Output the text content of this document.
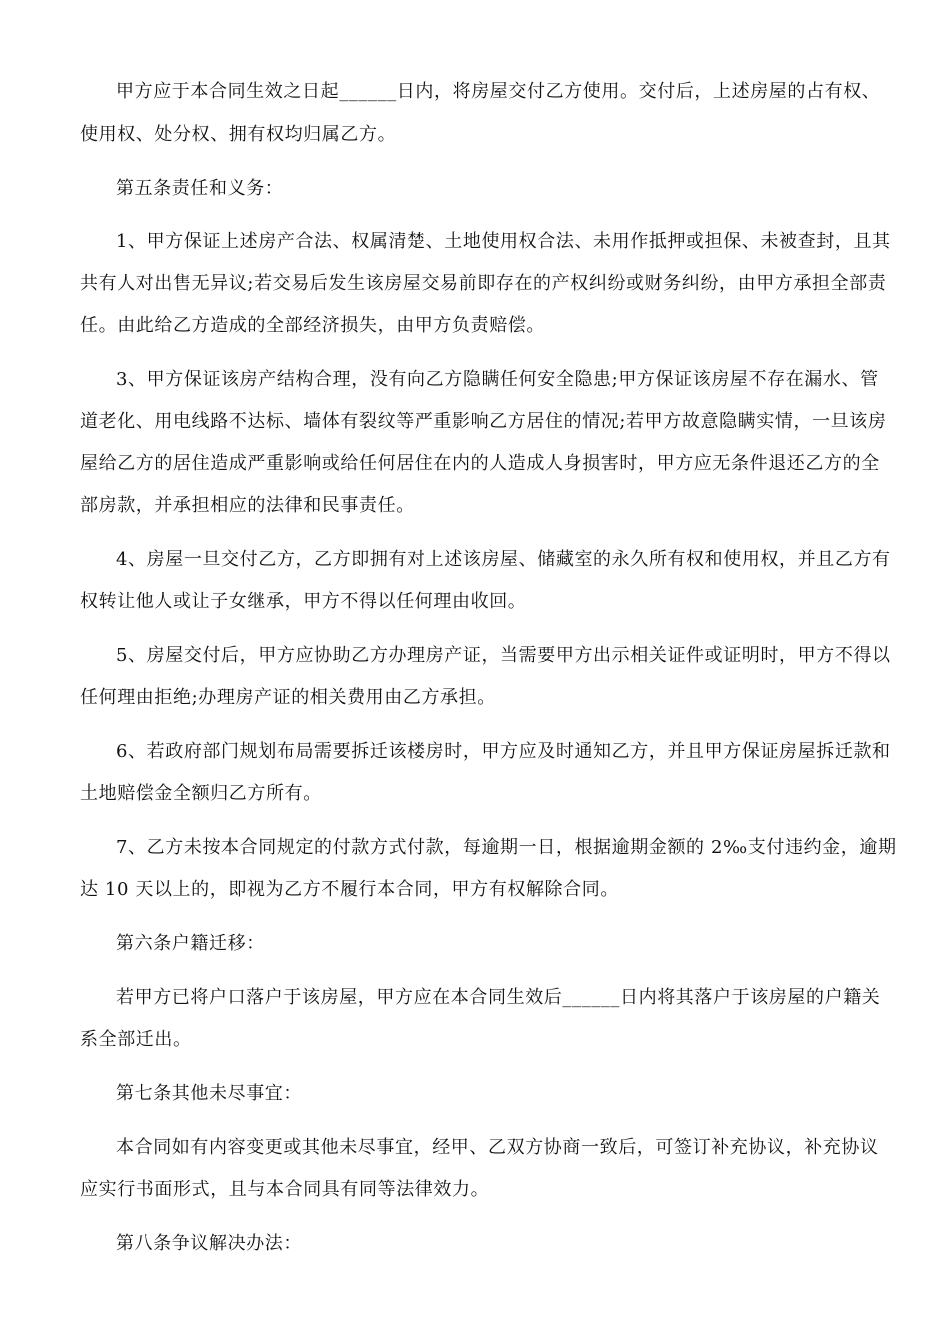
甲方应于本合同生效之日起______日内，将房屋交付乙方使用。交付后，上述房屋的占有权、
使用权、处分权、拥有权均归属乙方。
第五条责任和义务：
1、甲方保证上述房产合法、权属清楚、土地使用权合法、未用作抵押或担保、未被查封，且其
共有人对出售无异议;若交易后发生该房屋交易前即存在的产权纠纷或财务纠纷，由甲方承担全部责
任。由此给乙方造成的全部经济损失，由甲方负责赔偿。
3、甲方保证该房产结构合理，没有向乙方隐瞒任何安全隐患;甲方保证该房屋不存在漏水、管
道老化、用电线路不达标、墙体有裂纹等严重影响乙方居住的情况;若甲方故意隐瞒实情，一旦该房
屋给乙方的居住造成严重影响或给任何居住在内的人造成人身损害时，甲方应无条件退还乙方的全
部房款，并承担相应的法律和民事责任。
4、房屋一旦交付乙方，乙方即拥有对上述该房屋、储藏室的永久所有权和使用权，并且乙方有
权转让他人或让子女继承，甲方不得以任何理由收回。
5、房屋交付后，甲方应协助乙方办理房产证，当需要甲方出示相关证件或证明时，甲方不得以
任何理由拒绝;办理房产证的相关费用由乙方承担。
6、若政府部门规划布局需要拆迁该楼房时，甲方应及时通知乙方，并且甲方保证房屋拆迁款和
土地赔偿金全额归乙方所有。
7、乙方未按本合同规定的付款方式付款，每逾期一日，根据逾期金额的 2‰支付违约金，逾期
达 10 天以上的，即视为乙方不履行本合同，甲方有权解除合同。
第六条户籍迁移：
若甲方已将户口落户于该房屋，甲方应在本合同生效后______日内将其落户于该房屋的户籍关
系全部迁出。
第七条其他未尽事宜：
本合同如有内容变更或其他未尽事宜，经甲、乙双方协商一致后，可签订补充协议，补充协议
应实行书面形式，且与本合同具有同等法律效力。
第八条争议解决办法：
